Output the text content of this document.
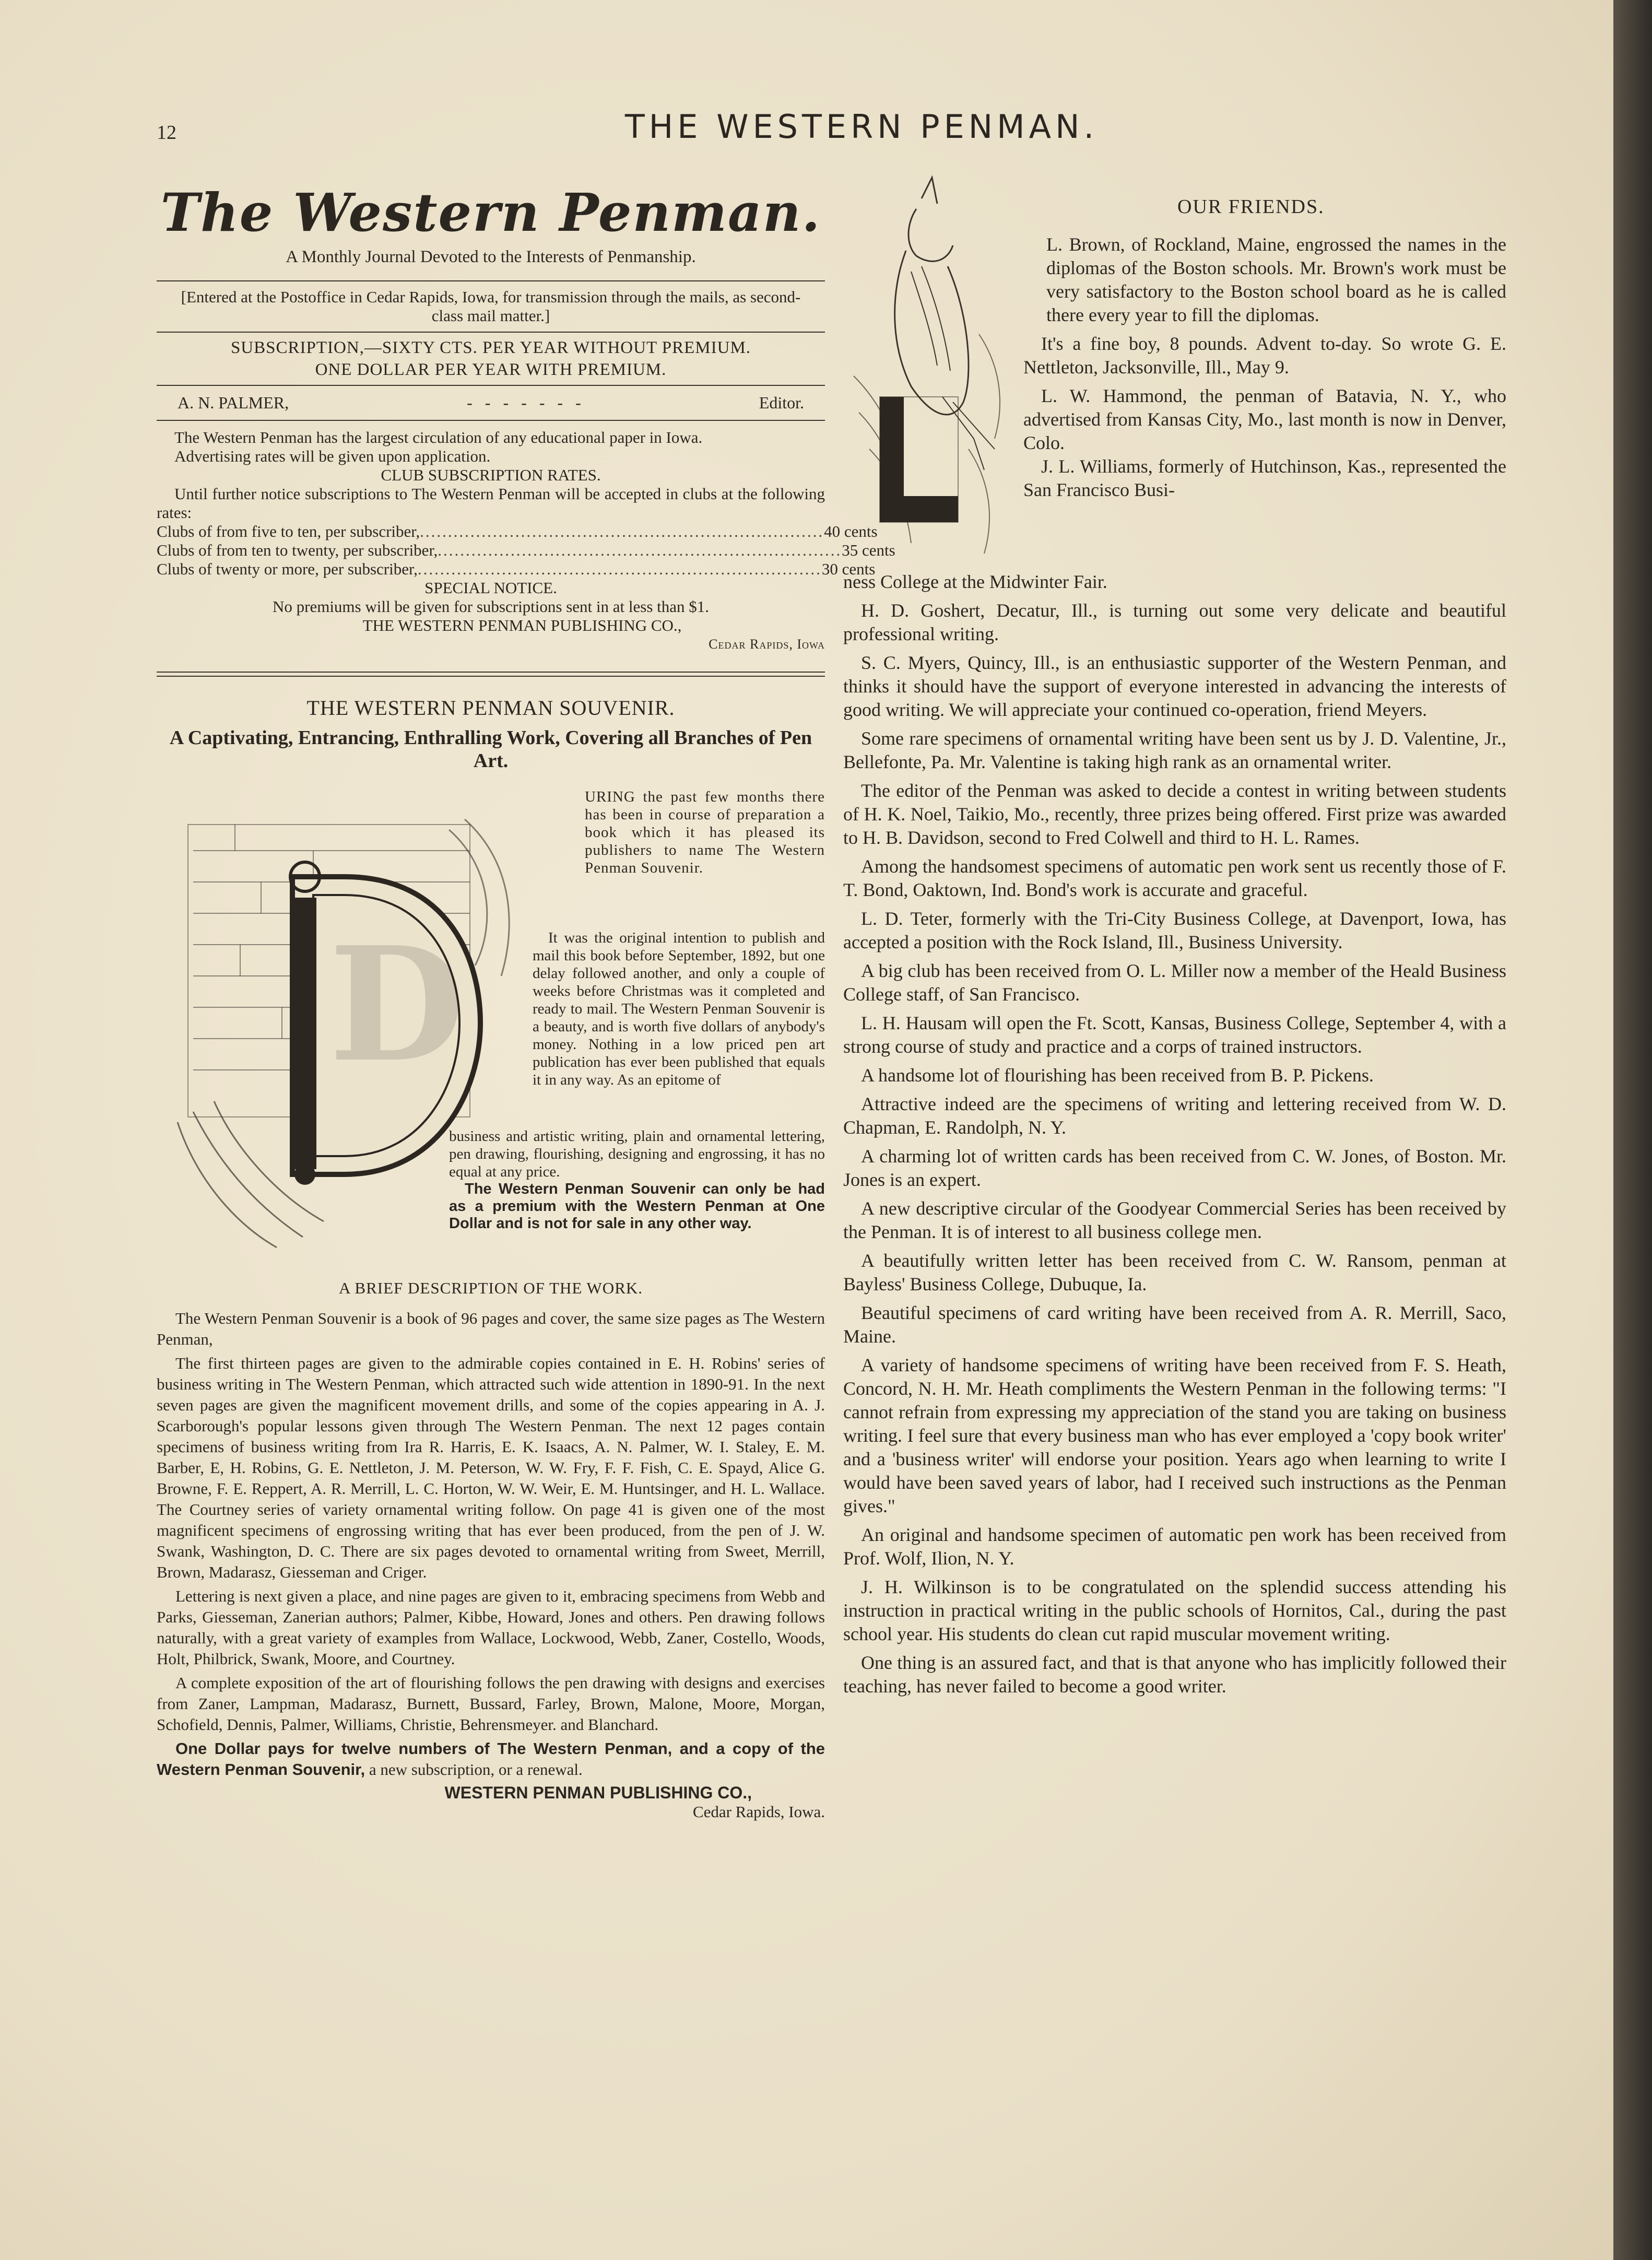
12	THE WESTERN PENMAN.
The Western Penman.
A Monthly Journal Devoted to the Interests of Penmanship.
[Entered at the Postoffice in Cedar Rapids, Iowa, for transmission through the mails, as second-class mail matter.]
SUBSCRIPTION,—SIXTY CTS. PER YEAR WITHOUT PREMIUM.
ONE DOLLAR PER YEAR WITH PREMIUM.
A. N. PALMER,	-   -   -   -   -   -   -	Editor.
The Western Penman has the largest circulation of any educational paper in Iowa.
Advertising rates will be given upon application.
CLUB SUBSCRIPTION RATES.
Until further notice subscriptions to The Western Penman will be accepted in clubs at the following rates:
Clubs of from five to ten, per subscriber, ........................................................................ 40 cents
Clubs of from ten to twenty, per subscriber, ........................................................................ 35 cents
Clubs of twenty or more, per subscriber, ........................................................................ 30 cents
SPECIAL NOTICE.
No premiums will be given for subscriptions sent in at less than $1.
THE WESTERN PENMAN PUBLISHING CO.,
Cedar Rapids, Iowa
THE WESTERN PENMAN SOUVENIR.
A Captivating, Entrancing, Enthralling Work, Covering all Branches of Pen Art.
D

URING the past few months there has been in course of preparation a book which it has pleased its publishers to name The Western Penman Souvenir.

It was the original intention to publish and mail this book before September, 1892, but one delay followed another, and only a couple of weeks before Christmas was it completed and ready to mail. The Western Penman Souvenir is a beauty, and is worth five dollars of anybody's money. Nothing in a low priced pen art publication has ever been published that equals it in any way. As an epitome of

business and artistic writing, plain and ornamental lettering, pen drawing, flourishing, designing and engrossing, it has no equal at any price.

The Western Penman Souvenir can only be had as a premium with the Western Penman at One Dollar and is not for sale in any other way.

A BRIEF DESCRIPTION OF THE WORK.

The Western Penman Souvenir is a book of 96 pages and cover, the same size pages as The Western Penman,

The first thirteen pages are given to the admirable copies contained in E. H. Robins' series of business writing in The Western Penman, which attracted such wide attention in 1890-91. In the next seven pages are given the magnificent movement drills, and some of the copies appearing in A. J. Scarborough's popular lessons given through The Western Penman. The next 12 pages contain specimens of business writing from Ira R. Harris, E. K. Isaacs, A. N. Palmer, W. I. Staley, E. M. Barber, E, H. Robins, G. E. Nettleton, J. M. Peterson, W. W. Fry, F. F. Fish, C. E. Spayd, Alice G. Browne, F. E. Reppert, A. R. Merrill, L. C. Horton, W. W. Weir, E. M. Huntsinger, and H. L. Wallace. The Courtney series of variety ornamental writing follow. On page 41 is given one of the most magnificent specimens of engrossing writing that has ever been produced, from the pen of J. W. Swank, Washington, D. C. There are six pages devoted to ornamental writing from Sweet, Merrill, Brown, Madarasz, Giesseman and Criger.

Lettering is next given a place, and nine pages are given to it, embracing specimens from Webb and Parks, Giesseman, Zanerian authors; Palmer, Kibbe, Howard, Jones and others. Pen drawing follows naturally, with a great variety of examples from Wallace, Lockwood, Webb, Zaner, Costello, Woods, Holt, Philbrick, Swank, Moore, and Courtney.

A complete exposition of the art of flourishing follows the pen drawing with designs and exercises from Zaner, Lampman, Madarasz, Burnett, Bussard, Farley, Brown, Malone, Moore, Morgan, Schofield, Dennis, Palmer, Williams, Christie, Behrensmeyer. and Blanchard.

One Dollar pays for twelve numbers of The Western Penman, and a copy of the Western Penman Souvenir, a new subscription, or a renewal.

WESTERN PENMAN PUBLISHING CO.,
Cedar Rapids, Iowa.
OUR FRIENDS.

L. Brown, of Rockland, Maine, engrossed the names in the diplomas of the Boston schools. Mr. Brown's work must be very satisfactory to the Boston school board as he is called there every year to fill the diplomas.

It's a fine boy, 8 pounds. Advent to-day. So wrote G. E. Nettleton, Jacksonville, Ill., May 9.

L. W. Hammond, the penman of Batavia, N. Y., who advertised from Kansas City, Mo., last month is now in Denver, Colo.

J. L. Williams, formerly of Hutchinson, Kas., represented the San Francisco Busi-

ness College at the Midwinter Fair.

H. D. Goshert, Decatur, Ill., is turning out some very delicate and beautiful professional writing.

S. C. Myers, Quincy, Ill., is an enthusiastic supporter of the Western Penman, and thinks it should have the support of everyone interested in advancing the interests of good writing. We will appreciate your continued co-operation, friend Meyers.

Some rare specimens of ornamental writing have been sent us by J. D. Valentine, Jr., Bellefonte, Pa. Mr. Valentine is taking high rank as an ornamental writer.

The editor of the Penman was asked to decide a contest in writing between students of H. K. Noel, Taikio, Mo., recently, three prizes being offered. First prize was awarded to H. B. Davidson, second to Fred Colwell and third to H. L. Rames.

Among the handsomest specimens of automatic pen work sent us recently those of F. T. Bond, Oaktown, Ind. Bond's work is accurate and graceful.

L. D. Teter, formerly with the Tri-City Business College, at Davenport, Iowa, has accepted a position with the Rock Island, Ill., Business University.

A big club has been received from O. L. Miller now a member of the Heald Business College staff, of San Francisco.

L. H. Hausam will open the Ft. Scott, Kansas, Business College, September 4, with a strong course of study and practice and a corps of trained instructors.

A handsome lot of flourishing has been received from B. P. Pickens.

Attractive indeed are the specimens of writing and lettering received from W. D. Chapman, E. Randolph, N. Y.

A charming lot of written cards has been received from C. W. Jones, of Boston. Mr. Jones is an expert.

A new descriptive circular of the Goodyear Commercial Series has been received by the Penman. It is of interest to all business college men.

A beautifully written letter has been received from C. W. Ransom, penman at Bayless' Business College, Dubuque, Ia.

Beautiful specimens of card writing have been received from A. R. Merrill, Saco, Maine.

A variety of handsome specimens of writing have been received from F. S. Heath, Concord, N. H. Mr. Heath compliments the Western Penman in the following terms: "I cannot refrain from expressing my appreciation of the stand you are taking on business writing. I feel sure that every business man who has ever employed a 'copy book writer' and a 'business writer' will endorse your position. Years ago when learning to write I would have been saved years of labor, had I received such instructions as the Penman gives."

An original and handsome specimen of automatic pen work has been received from Prof. Wolf, Ilion, N. Y.

J. H. Wilkinson is to be congratulated on the splendid success attending his instruction in practical writing in the public schools of Hornitos, Cal., during the past school year. His students do clean cut rapid muscular movement writing.

One thing is an assured fact, and that is that anyone who has implicitly followed their teaching, has never failed to become a good writer.
